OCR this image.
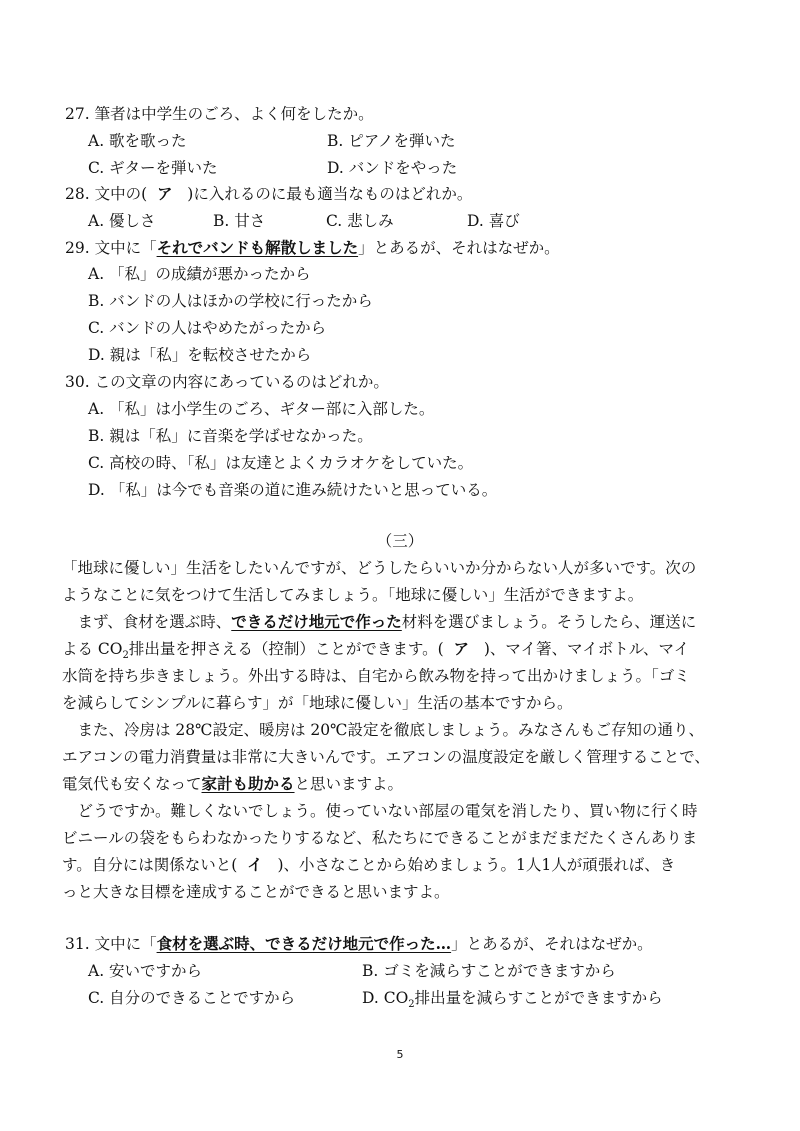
27. 筆者は中学生のごろ、よく何をしたか。
A. 歌を歌った	B. ピアノを弾いた
C. ギターを弾いた	D. バンドをやった
28. 文中の( ア )に入れるのに最も適当なものはどれか。
A. 優しさ	B. 甘さ	C. 悲しみ	D. 喜び
29. 文中に「それでバンドも解散しました」とあるが、それはなぜか。
A. 「私」の成績が悪かったから
B. バンドの人はほかの学校に行ったから
C. バンドの人はやめたがったから
D. 親は「私」を転校させたから
30. この文章の内容にあっているのはどれか。
A. 「私」は小学生のごろ、ギター部に入部した。
B. 親は「私」に音楽を学ばせなかった。
C. 高校の時、「私」は友達とよくカラオケをしていた。
D. 「私」は今でも音楽の道に進み続けたいと思っている。
（三）
「地球に優しい」生活をしたいんですが、どうしたらいいか分からない人が多いです。次の
ようなことに気をつけて生活してみましょう。「地球に優しい」生活ができますよ。
　まず、食材を選ぶ時、できるだけ地元で作った材料を選びましょう。そうしたら、運送に
よる $CO_2$排出量を押さえる（控制）ことができます。( ア )、マイ箸、マイボトル、マイ
水筒を持ち歩きましょう。外出する時は、自宅から飲み物を持って出かけましょう。「ゴミ
を減らしてシンプルに暮らす」が「地球に優しい」生活の基本ですから。
　また、冷房は 28℃設定、暖房は 20℃設定を徹底しましょう。みなさんもご存知の通り、
エアコンの電力消費量は非常に大きいんです。エアコンの温度設定を厳しく管理することで、
電気代も安くなって家計も助かると思いますよ。
　どうですか。難しくないでしょう。使っていない部屋の電気を消したり、買い物に行く時
ビニールの袋をもらわなかったりするなど、私たちにできることがまだまだたくさんありま
す。自分には関係ないと( イ )、小さなことから始めましょう。1人1人が頑張れば、き
っと大きな目標を達成することができると思いますよ。
31. 文中に「食材を選ぶ時、できるだけ地元で作った…」とあるが、それはなぜか。
A. 安いですから	B. ゴミを減らすことができますから
C. 自分のできることですから	D. $CO_2$排出量を減らすことができますから
5
